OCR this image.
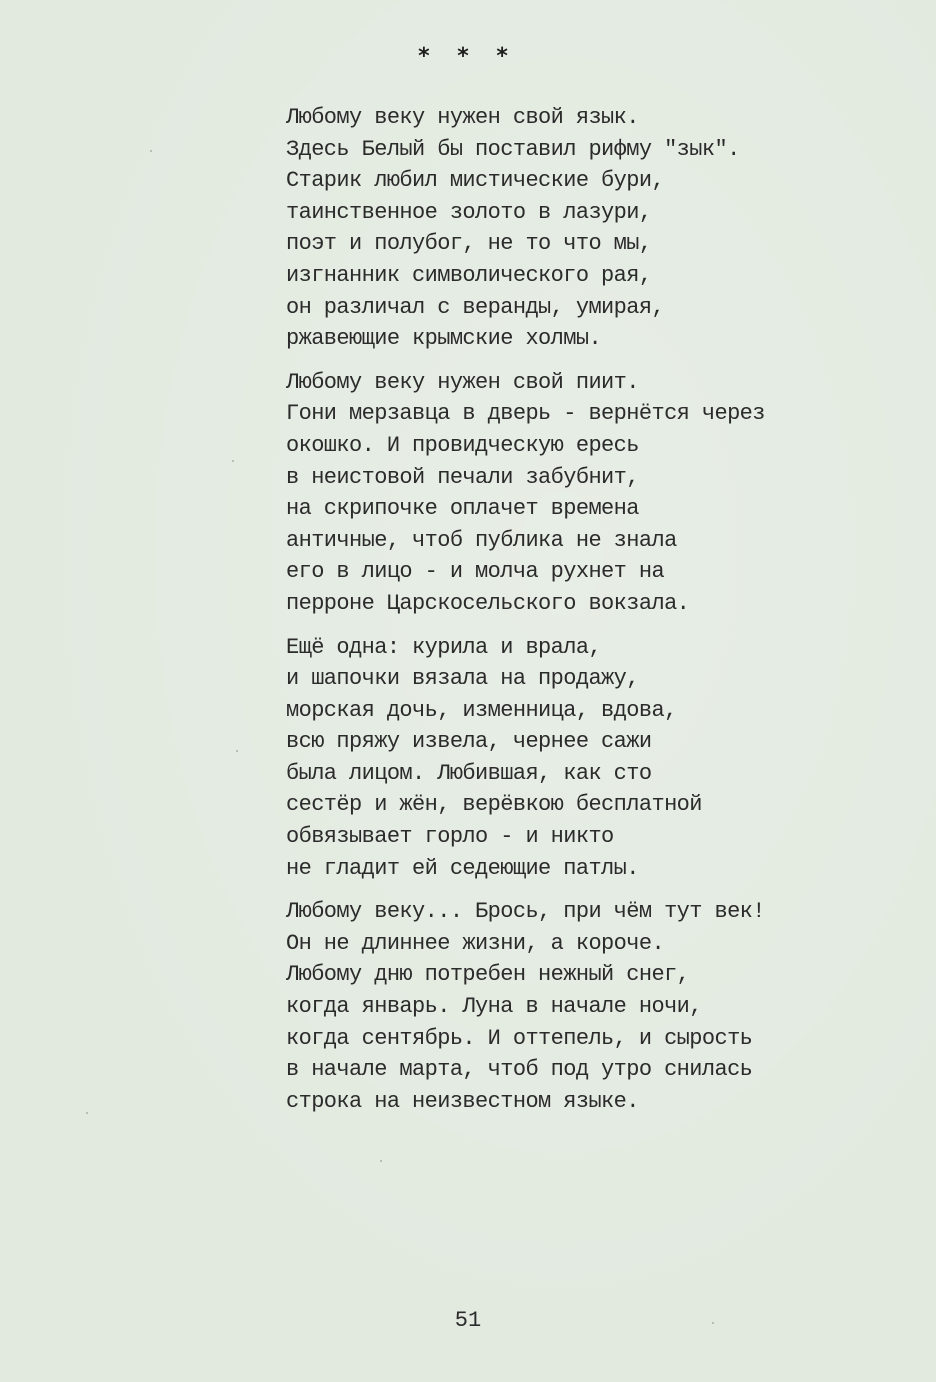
* * *
Любому веку нужен свой язык.
Здесь Белый бы поставил рифму "зык".
Старик любил мистические бури,
таинственное золото в лазури,
поэт и полубог, не то что мы,
изгнанник символического рая,
он различал с веранды, умирая,
ржавеющие крымские холмы.
Любому веку нужен свой пиит.
Гони мерзавца в дверь - вернётся через
окошко. И провидческую ересь
в неистовой печали забубнит,
на скрипочке оплачет времена
античные, чтоб публика не знала
его в лицо - и молча рухнет на
перроне Царскосельского вокзала.
Ещё одна: курила и врала,
и шапочки вязала на продажу,
морская дочь, изменница, вдова,
всю пряжу извела, чернее сажи
была лицом. Любившая, как сто
сестёр и жён, верёвкою бесплатной
обвязывает горло - и никто
не гладит ей седеющие патлы.
Любому веку... Брось, при чём тут век!
Он не длиннее жизни, а короче.
Любому дню потребен нежный снег,
когда январь. Луна в начале ночи,
когда сентябрь. И оттепель, и сырость
в начале марта, чтоб под утро снилась
строка на неизвестном языке.
51
